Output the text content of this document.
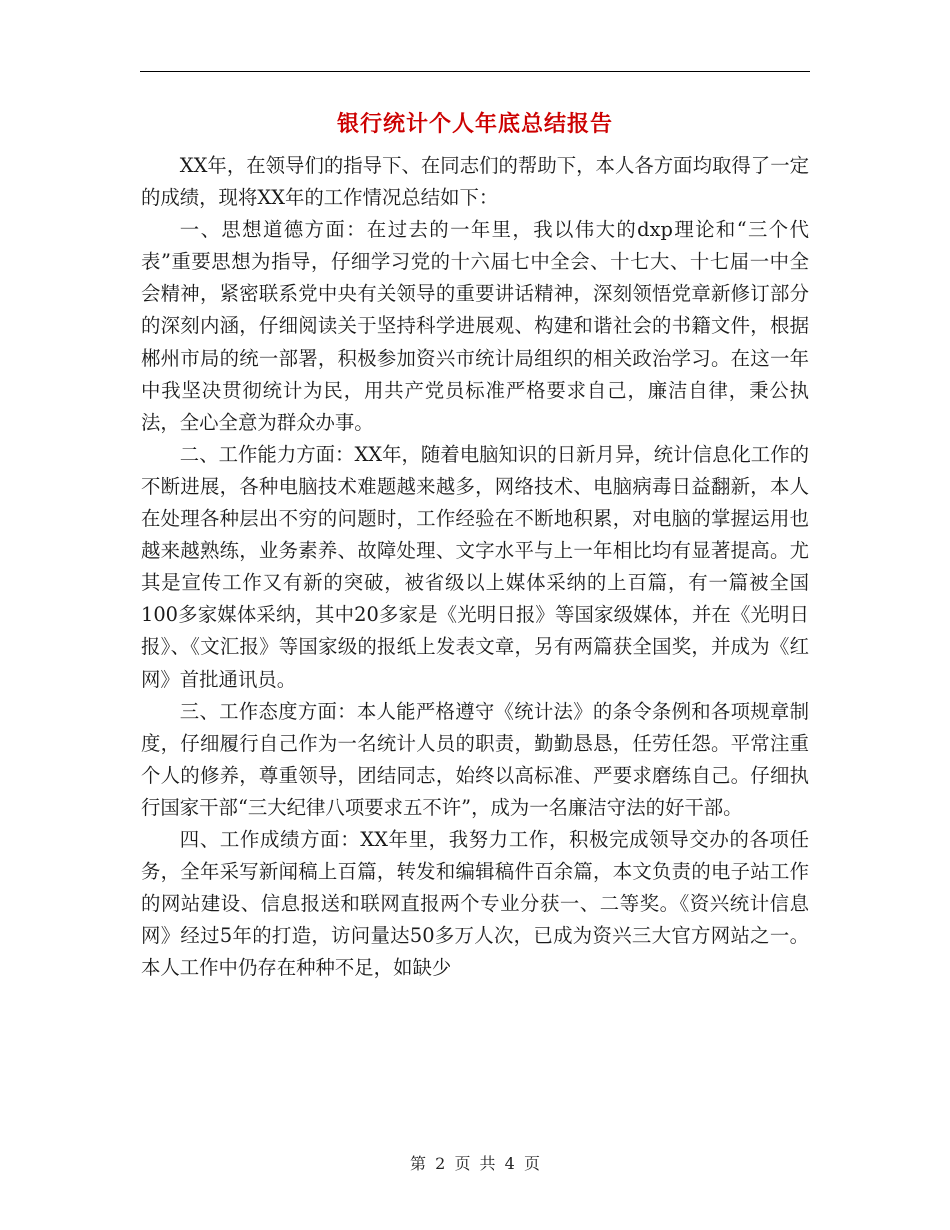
银行统计个人年底总结报告

XX年，在领导们的指导下、在同志们的帮助下，本人各方面均取得了一定的成绩，现将XX年的工作情况总结如下：

一、思想道德方面：在过去的一年里，我以伟大的dxp理论和“三个代表”重要思想为指导，仔细学习党的十六届七中全会、十七大、十七届一中全会精神，紧密联系党中央有关领导的重要讲话精神，深刻领悟党章新修订部分的深刻内涵，仔细阅读关于坚持科学进展观、构建和谐社会的书籍文件，根据郴州市局的统一部署，积极参加资兴市统计局组织的相关政治学习。在这一年中我坚决贯彻统计为民，用共产党员标准严格要求自己，廉洁自律，秉公执法，全心全意为群众办事。

二、工作能力方面：XX年，随着电脑知识的日新月异，统计信息化工作的不断进展，各种电脑技术难题越来越多，网络技术、电脑病毒日益翻新，本人在处理各种层出不穷的问题时，工作经验在不断地积累，对电脑的掌握运用也越来越熟练，业务素养、故障处理、文字水平与上一年相比均有显著提高。尤其是宣传工作又有新的突破，被省级以上媒体采纳的上百篇，有一篇被全国100多家媒体采纳，其中20多家是《光明日报》等国家级媒体，并在《光明日报》、《文汇报》等国家级的报纸上发表文章，另有两篇获全国奖，并成为《红网》首批通讯员。

三、工作态度方面：本人能严格遵守《统计法》的条令条例和各项规章制度，仔细履行自己作为一名统计人员的职责，勤勤恳恳，任劳任怨。平常注重个人的修养，尊重领导，团结同志，始终以高标准、严要求磨练自己。仔细执行国家干部“三大纪律八项要求五不许”，成为一名廉洁守法的好干部。

四、工作成绩方面：XX年里，我努力工作，积极完成领导交办的各项任务，全年采写新闻稿上百篇，转发和编辑稿件百余篇，本文负责的电子站工作的网站建设、信息报送和联网直报两个专业分获一、二等奖。《资兴统计信息网》经过5年的打造，访问量达50多万人次，已成为资兴三大官方网站之一。本人工作中仍存在种种不足，如缺少

第 2 页 共 4 页
